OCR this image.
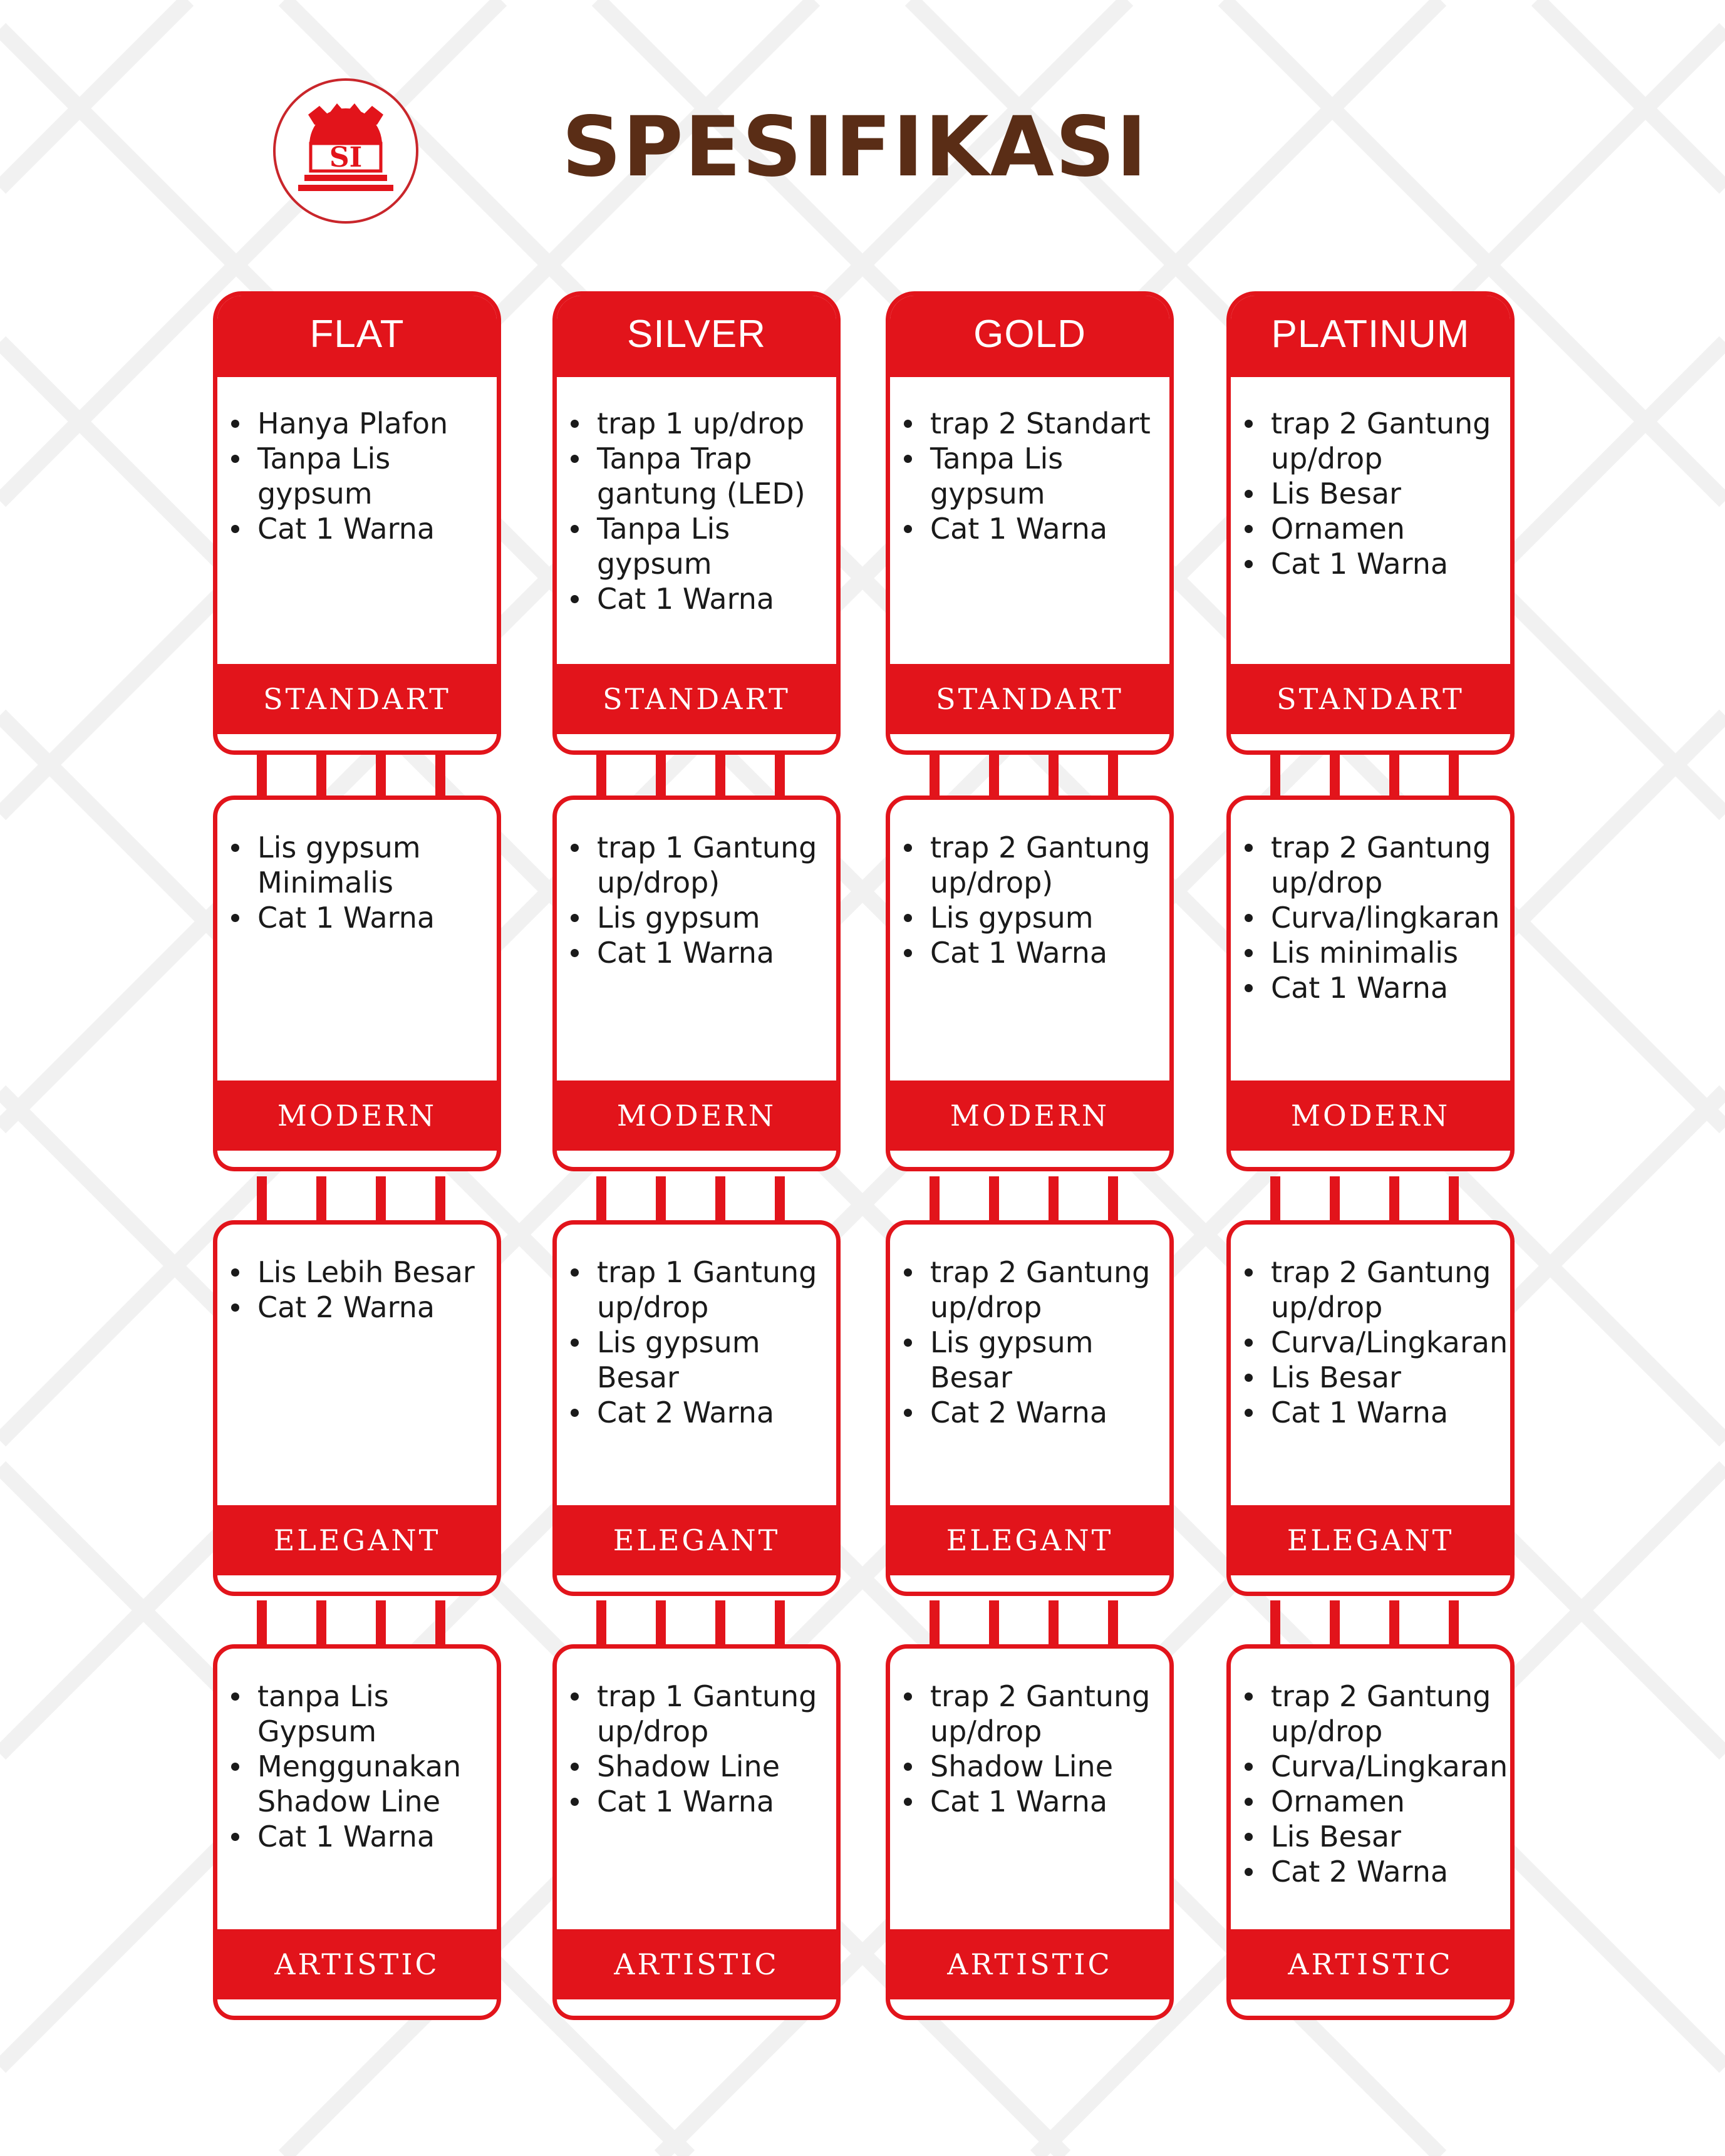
SI	SPESIFIKASI
FLAT
Hanya Plafon
Tanpa Lis gypsum
Cat 1 Warna
STANDART
Lis gypsum Minimalis
Cat 1 Warna
MODERN
Lis Lebih Besar
Cat 2 Warna
ELEGANT
tanpa Lis Gypsum
Menggunakan Shadow Line
Cat 1 Warna
ARTISTIC
SILVER
trap 1 up/drop
Tanpa Trap gantung (LED)
Tanpa Lis gypsum
Cat 1 Warna
STANDART
trap 1 Gantung up/drop)
Lis gypsum
Cat 1 Warna
MODERN
trap 1 Gantung up/drop
Lis gypsum Besar
Cat 2 Warna
ELEGANT
trap 1 Gantung up/drop
Shadow Line
Cat 1 Warna
ARTISTIC
GOLD
trap 2 Standart
Tanpa Lis gypsum
Cat 1 Warna
STANDART
trap 2 Gantung up/drop)
Lis gypsum
Cat 1 Warna
MODERN
trap 2 Gantung up/drop
Lis gypsum Besar
Cat 2 Warna
ELEGANT
trap 2 Gantung up/drop
Shadow Line
Cat 1 Warna
ARTISTIC
PLATINUM
trap 2 Gantung up/drop
Lis Besar
Ornamen
Cat 1 Warna
STANDART
trap 2 Gantung up/drop
Curva/lingkaran
Lis minimalis
Cat 1 Warna
MODERN
trap 2 Gantung up/drop
Curva/Lingkaran
Lis Besar
Cat 1 Warna
ELEGANT
trap 2 Gantung up/drop
Curva/Lingkaran
Ornamen
Lis Besar
Cat 2 Warna
ARTISTIC
